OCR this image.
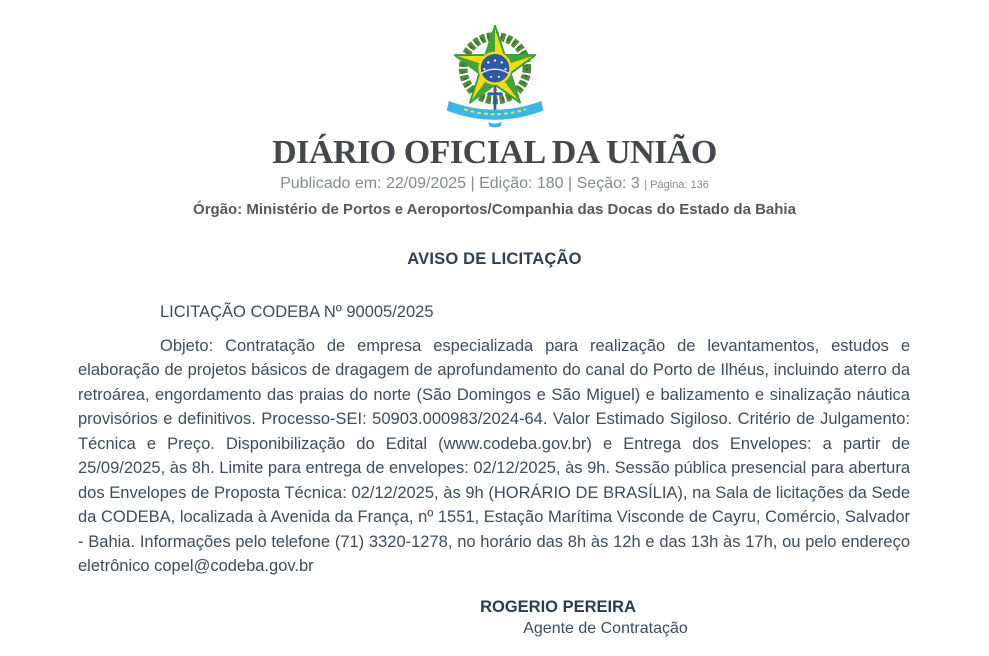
DIÁRIO OFICIAL DA UNIÃO
Publicado em: 22/09/2025 | Edição: 180 | Seção: 3 | Página: 136
Órgão: Ministério de Portos e Aeroportos/Companhia das Docas do Estado da Bahia
AVISO DE LICITAÇÃO

LICITAÇÃO CODEBA Nº 90005/2025

Objeto: Contratação de empresa especializada para realização de levantamentos, estudos e elaboração de projetos básicos de dragagem de aprofundamento do canal do Porto de Ilhéus, incluindo aterro da retroárea, engordamento das praias do norte (São Domingos e São Miguel) e balizamento e sinalização náutica provisórios e definitivos. Processo-SEI: 50903.000983/2024-64. Valor Estimado Sigiloso. Critério de Julgamento: Técnica e Preço. Disponibilização do Edital (www.codeba.gov.br) e Entrega dos Envelopes: a partir de 25/09/2025, às 8h. Limite para entrega de envelopes: 02/12/2025, às 9h. Sessão pública presencial para abertura dos Envelopes de Proposta Técnica: 02/12/2025, às 9h (HORÁRIO DE BRASÍLIA), na Sala de licitações da Sede da CODEBA, localizada à Avenida da França, nº 1551, Estação Marítima Visconde de Cayru, Comércio, Salvador - Bahia. Informações pelo telefone (71) 3320-1278, no horário das 8h às 12h e das 13h às 17h, ou pelo endereço eletrônico copel@codeba.gov.br

ROGERIO PEREIRA
Agente de Contratação
